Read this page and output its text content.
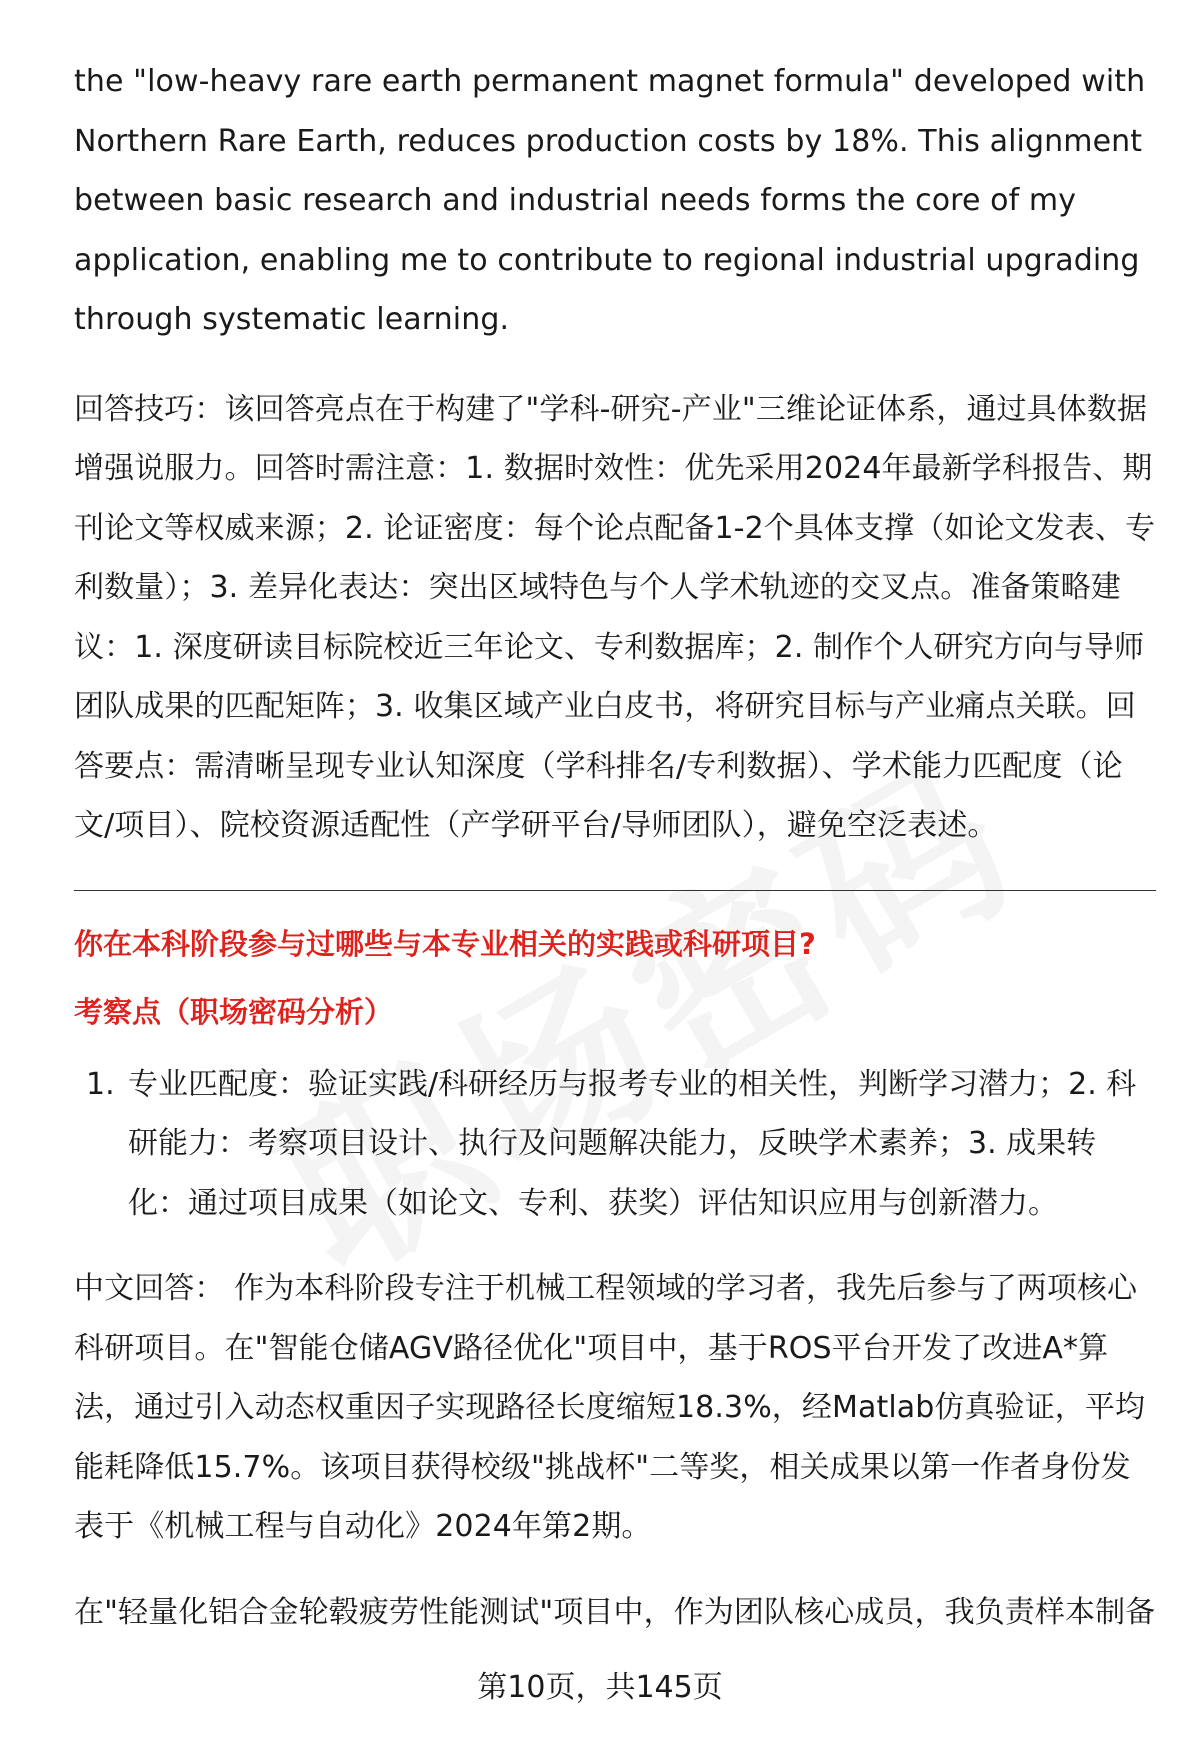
the "low-heavy rare earth permanent magnet formula" developed with Northern Rare Earth, reduces production costs by 18%. This alignment between basic research and industrial needs forms the core of my application, enabling me to contribute to regional industrial upgrading through systematic learning.

回答技巧：该回答亮点在于构建了"学科-研究-产业"三维论证体系，通过具体数据增强说服力。回答时需注意：1. 数据时效性：优先采用2024年最新学科报告、期刊论文等权威来源；2. 论证密度：每个论点配备1-2个具体支撑（如论文发表、专利数量）；3. 差异化表达：突出区域特色与个人学术轨迹的交叉点。准备策略建议：1. 深度研读目标院校近三年论文、专利数据库；2. 制作个人研究方向与导师团队成果的匹配矩阵；3. 收集区域产业白皮书，将研究目标与产业痛点关联。回答要点：需清晰呈现专业认知深度（学科排名/专利数据）、学术能力匹配度（论文/项目）、院校资源适配性（产学研平台/导师团队），避免空泛表述。

你在本科阶段参与过哪些与本专业相关的实践或科研项目?
考察点（职场密码分析）
1. 专业匹配度：验证实践/科研经历与报考专业的相关性，判断学习潜力；2. 科研能力：考察项目设计、执行及问题解决能力，反映学术素养；3. 成果转化：通过项目成果（如论文、专利、获奖）评估知识应用与创新潜力。

中文回答： 作为本科阶段专注于机械工程领域的学习者，我先后参与了两项核心科研项目。在"智能仓储AGV路径优化"项目中，基于ROS平台开发了改进A*算法，通过引入动态权重因子实现路径长度缩短18.3%，经Matlab仿真验证，平均能耗降低15.7%。该项目获得校级"挑战杯"二等奖，相关成果以第一作者身份发表于《机械工程与自动化》2024年第2期。

在"轻量化铝合金轮毂疲劳性能测试"项目中，作为团队核心成员，我负责样本制备

第10页，共145页
